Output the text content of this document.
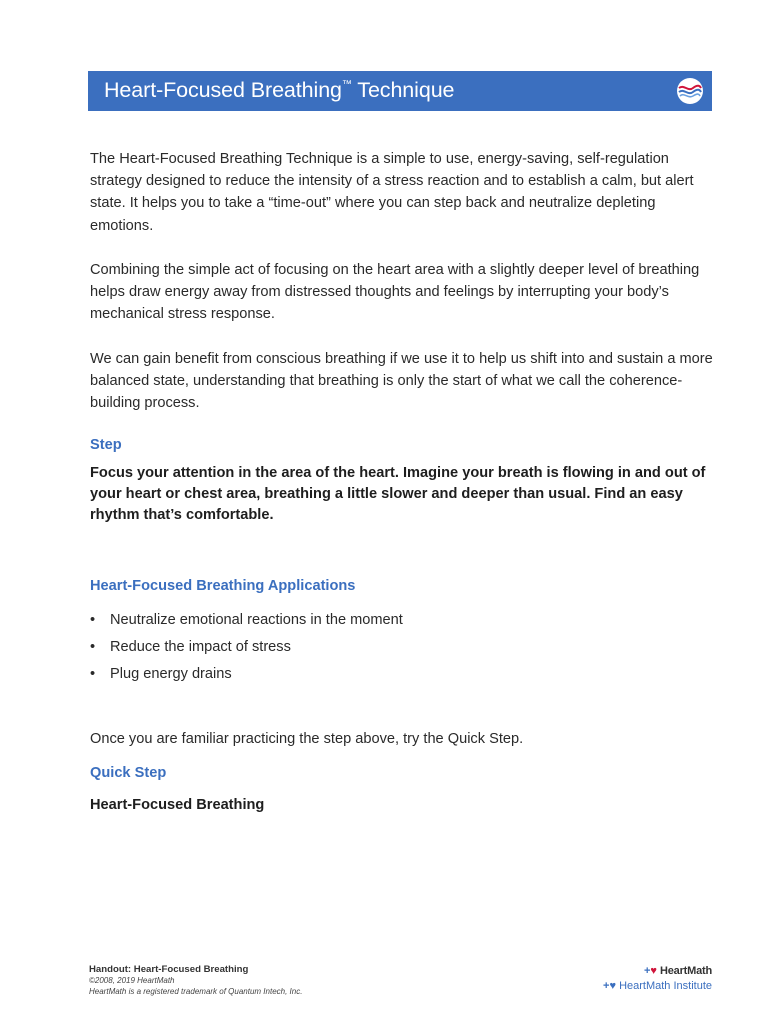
Heart-Focused Breathing™ Technique

The Heart-Focused Breathing Technique is a simple to use, energy-saving, self-regulation strategy designed to reduce the intensity of a stress reaction and to establish a calm, but alert state. It helps you to take a “time-out” where you can step back and neutralize depleting emotions.

Combining the simple act of focusing on the heart area with a slightly deeper level of breathing helps draw energy away from distressed thoughts and feelings by interrupting your body’s mechanical stress response.

We can gain benefit from conscious breathing if we use it to help us shift into and sustain a more balanced state, understanding that breathing is only the start of what we call the coherence-building process.

Step

Focus your attention in the area of the heart. Imagine your breath is flowing in and out of your heart or chest area, breathing a little slower and deeper than usual. Find an easy rhythm that’s comfortable.

Heart-Focused Breathing Applications
• Neutralize emotional reactions in the moment
• Reduce the impact of stress
• Plug energy drains

Once you are familiar practicing the step above, try the Quick Step.

Quick Step
Heart-Focused Breathing
Handout: Heart-Focused Breathing
©2008, 2019 HeartMath
HeartMath is a registered trademark of Quantum Intech, Inc.
+♥ HeartMath
+♥ HeartMath Institute
